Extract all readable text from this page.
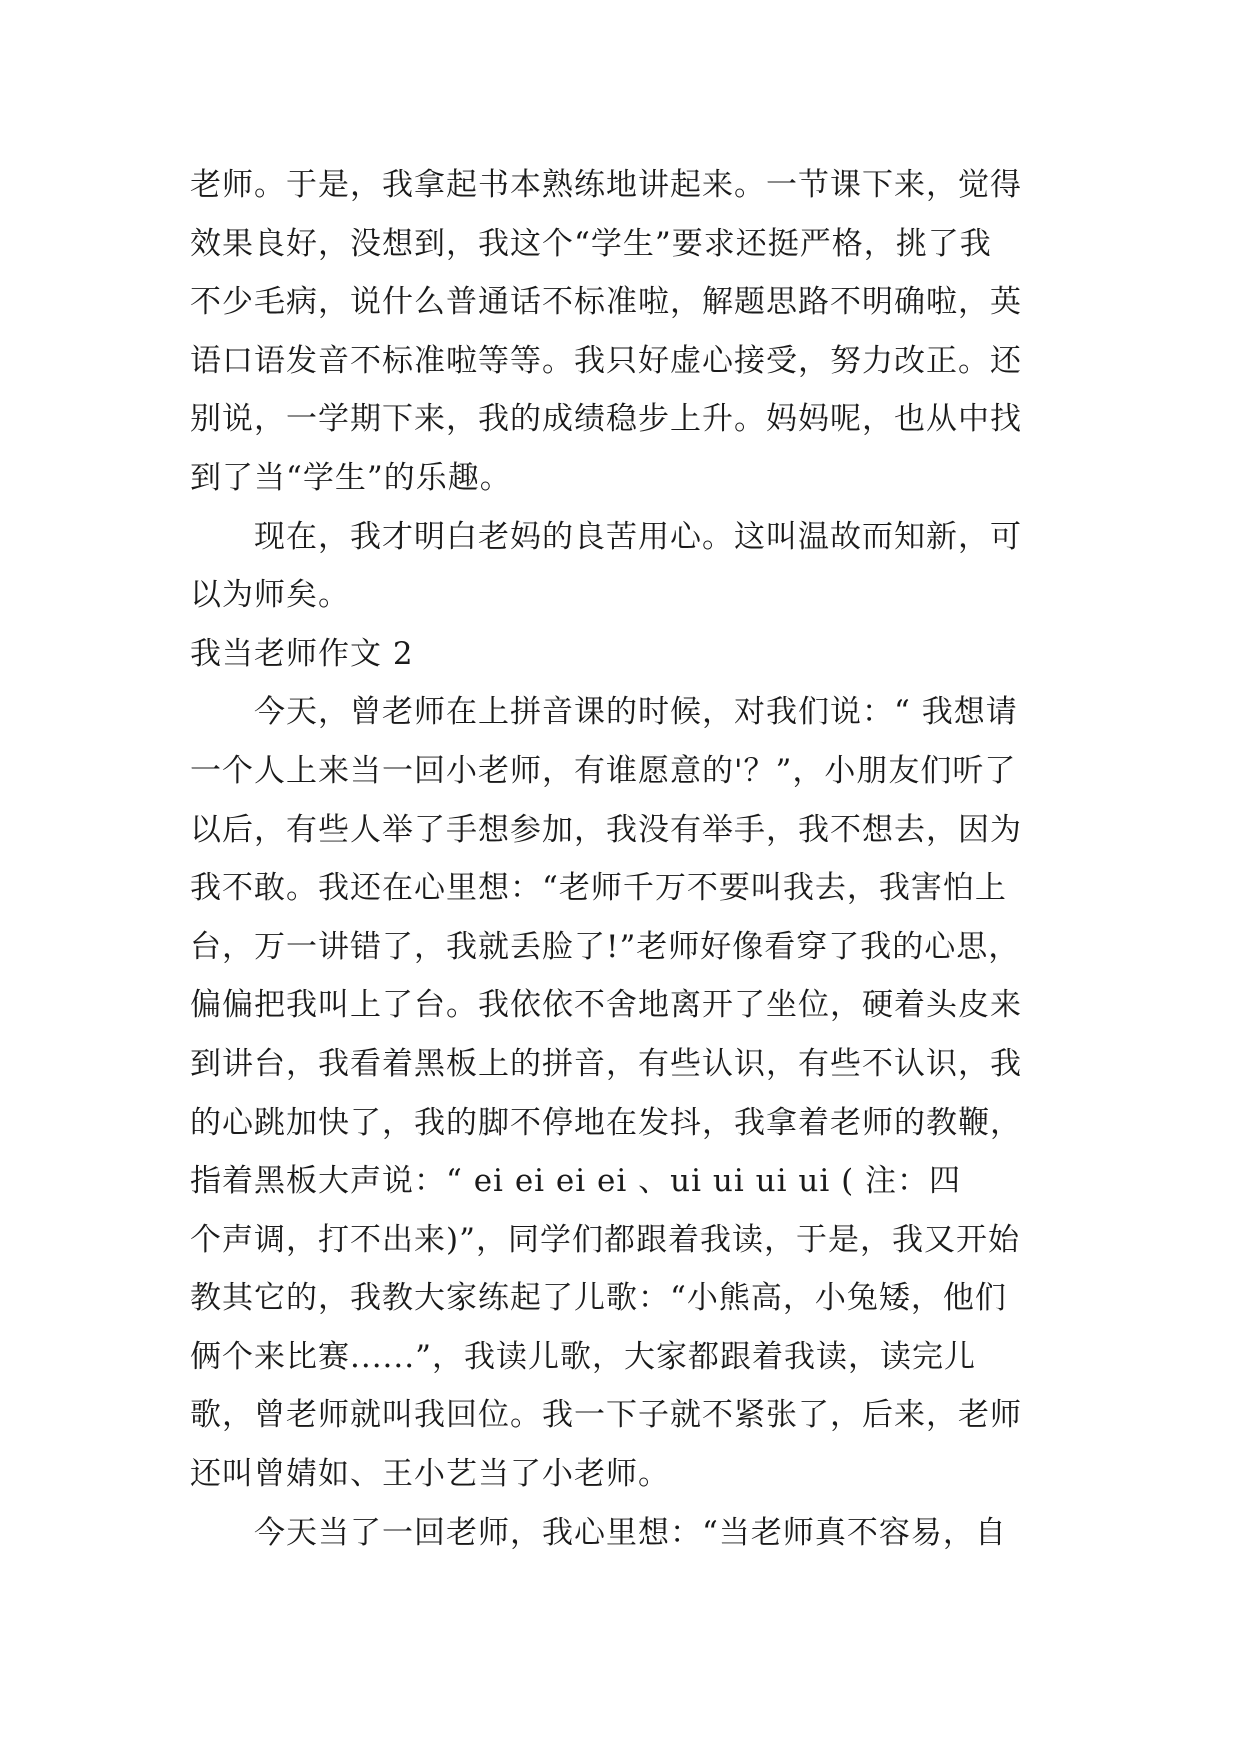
老师。于是，我拿起书本熟练地讲起来。一节课下来，觉得
效果良好，没想到，我这个“学生”要求还挺严格，挑了我
不少毛病，说什么普通话不标准啦，解题思路不明确啦，英
语口语发音不标准啦等等。我只好虚心接受，努力改正。还
别说，一学期下来，我的成绩稳步上升。妈妈呢，也从中找
到了当“学生”的乐趣。
现在，我才明白老妈的良苦用心。这叫温故而知新，可
以为师矣。
我当老师作文 2
今天，曾老师在上拼音课的时候，对我们说：“ 我想请
一个人上来当一回小老师，有谁愿意的'？”，小朋友们听了
以后，有些人举了手想参加，我没有举手，我不想去，因为
我不敢。我还在心里想：“老师千万不要叫我去，我害怕上
台，万一讲错了，我就丢脸了!”老师好像看穿了我的心思，
偏偏把我叫上了台。我依依不舍地离开了坐位，硬着头皮来
到讲台，我看着黑板上的拼音，有些认识，有些不认识，我
的心跳加快了，我的脚不停地在发抖，我拿着老师的教鞭，
指着黑板大声说：“ ei ei ei ei 、ui ui ui ui ( 注：四
个声调，打不出来)”，同学们都跟着我读，于是，我又开始
教其它的，我教大家练起了儿歌：“小熊高，小兔矮，他们
俩个来比赛......”，我读儿歌，大家都跟着我读，读完儿
歌，曾老师就叫我回位。我一下子就不紧张了，后来，老师
还叫曾婧如、王小艺当了小老师。
今天当了一回老师，我心里想：“当老师真不容易，自
